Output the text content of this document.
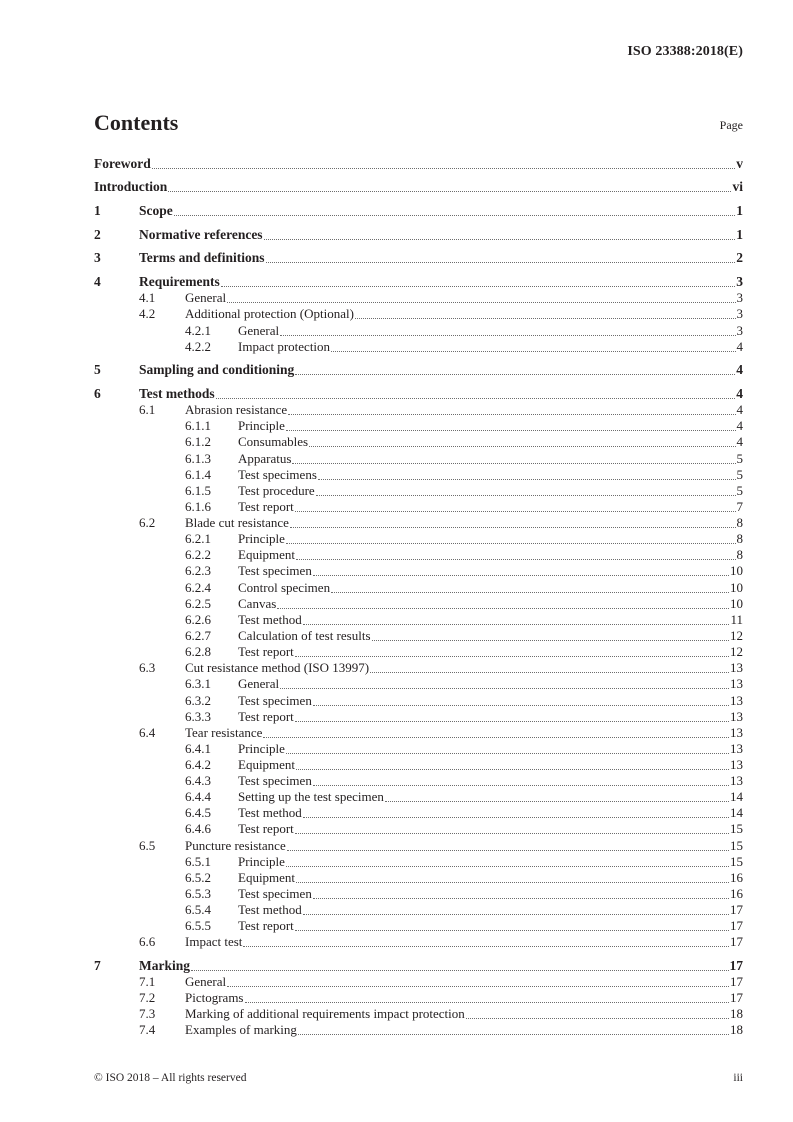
ISO 23388:2018(E)
Contents	Page
Foreword	v
Introduction	vi
1	Scope	1
2	Normative references	1
3	Terms and definitions	2
4	Requirements	3
4.1 General	3
4.2 Additional protection (Optional)	3
4.2.1 General	3
4.2.2 Impact protection	4
5	Sampling and conditioning	4
6	Test methods	4
6.1 Abrasion resistance	4
6.1.1 Principle	4
6.1.2 Consumables	4
6.1.3 Apparatus	5
6.1.4 Test specimens	5
6.1.5 Test procedure	5
6.1.6 Test report	7
6.2 Blade cut resistance	8
6.2.1 Principle	8
6.2.2 Equipment	8
6.2.3 Test specimen	10
6.2.4 Control specimen	10
6.2.5 Canvas	10
6.2.6 Test method	11
6.2.7 Calculation of test results	12
6.2.8 Test report	12
6.3 Cut resistance method (ISO 13997)	13
6.3.1 General	13
6.3.2 Test specimen	13
6.3.3 Test report	13
6.4 Tear resistance	13
6.4.1 Principle	13
6.4.2 Equipment	13
6.4.3 Test specimen	13
6.4.4 Setting up the test specimen	14
6.4.5 Test method	14
6.4.6 Test report	15
6.5 Puncture resistance	15
6.5.1 Principle	15
6.5.2 Equipment	16
6.5.3 Test specimen	16
6.5.4 Test method	17
6.5.5 Test report	17
6.6 Impact test	17
7	Marking	17
7.1 General	17
7.2 Pictograms	17
7.3 Marking of additional requirements impact protection	18
7.4 Examples of marking	18
© ISO 2018 – All rights reserved	iii
